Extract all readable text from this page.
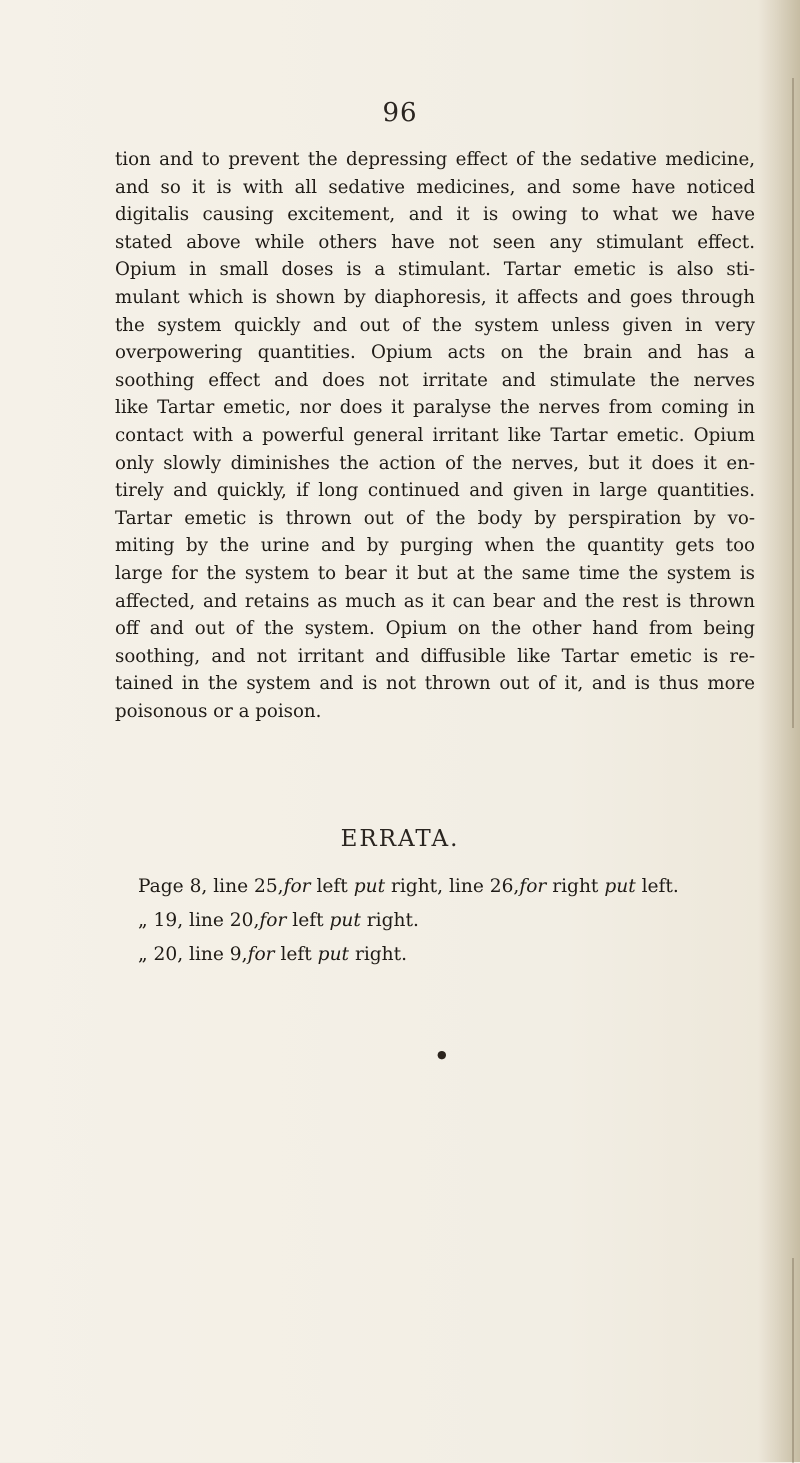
96
tion and to prevent the depressing effect of the sedative medicine,
and so it is with all sedative medicines, and some have noticed
digitalis causing excitement, and it is owing to what we have
stated above while others have not seen any stimulant effect.
Opium in small doses is a stimulant. Tartar emetic is also sti-
mulant which is shown by diaphoresis, it affects and goes through
the system quickly and out of the system unless given in very
overpowering quantities. Opium acts on the brain and has a
soothing effect and does not irritate and stimulate the nerves
like Tartar emetic, nor does it paralyse the nerves from coming in
contact with a powerful general irritant like Tartar emetic. Opium
only slowly diminishes the action of the nerves, but it does it en-
tirely and quickly, if long continued and given in large quantities.
Tartar emetic is thrown out of the body by perspiration by vo-
miting by the urine and by purging when the quantity gets too
large for the system to bear it but at the same time the system is
affected, and retains as much as it can bear and the rest is thrown
off and out of the system. Opium on the other hand from being
soothing, and not irritant and diffusible like Tartar emetic is re-
tained in the system and is not thrown out of it, and is thus more
poisonous or a poison.
ERRATA.
Page 8, line 25,for left put right, line 26,for right put left.
„ 19, line 20,for left put right.
„ 20, line 9,for left put right.
●
